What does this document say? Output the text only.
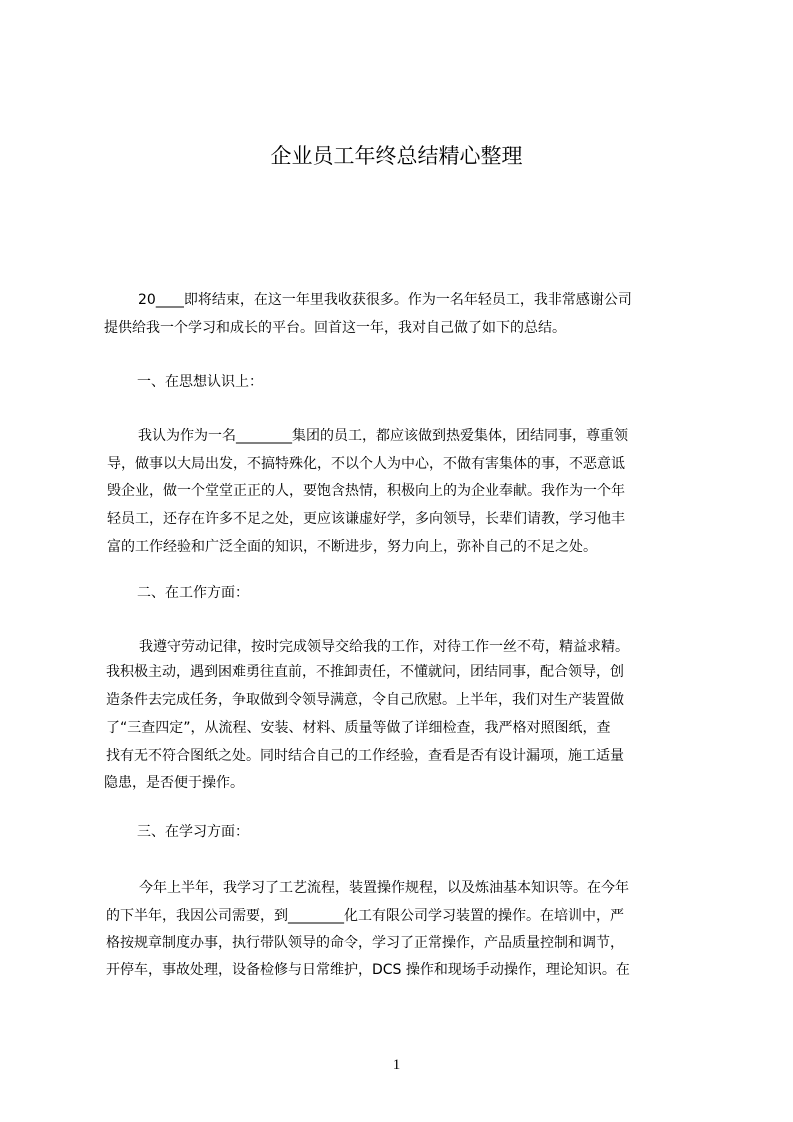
企业员工年终总结精心整理
20____即将结束，在这一年里我收获很多。作为一名年轻员工，我非常感谢公司
提供给我一个学习和成长的平台。回首这一年，我对自己做了如下的总结。
一、在思想认识上：
我认为作为一名________集团的员工，都应该做到热爱集体，团结同事，尊重领
导，做事以大局出发，不搞特殊化，不以个人为中心，不做有害集体的事，不恶意诋
毁企业，做一个堂堂正正的人，要饱含热情，积极向上的为企业奉献。我作为一个年
轻员工，还存在许多不足之处，更应该谦虚好学，多向领导，长辈们请教，学习他丰
富的工作经验和广泛全面的知识，不断进步，努力向上，弥补自己的不足之处。
二、在工作方面：
我遵守劳动记律，按时完成领导交给我的工作，对待工作一丝不苟，精益求精。
我积极主动，遇到困难勇往直前，不推卸责任，不懂就问，团结同事，配合领导，创
造条件去完成任务，争取做到令领导满意，令自己欣慰。上半年，我们对生产装置做
了“三查四定”，从流程、安装、材料、质量等做了详细检查，我严格对照图纸，查
找有无不符合图纸之处。同时结合自己的工作经验，查看是否有设计漏项，施工适量
隐患，是否便于操作。
三、在学习方面：
今年上半年，我学习了工艺流程，装置操作规程，以及炼油基本知识等。在今年
的下半年，我因公司需要，到________化工有限公司学习装置的操作。在培训中，严
格按规章制度办事，执行带队领导的命令，学习了正常操作，产品质量控制和调节，
开停车，事故处理，设备检修与日常维护，DCS 操作和现场手动操作，理论知识。在
1
